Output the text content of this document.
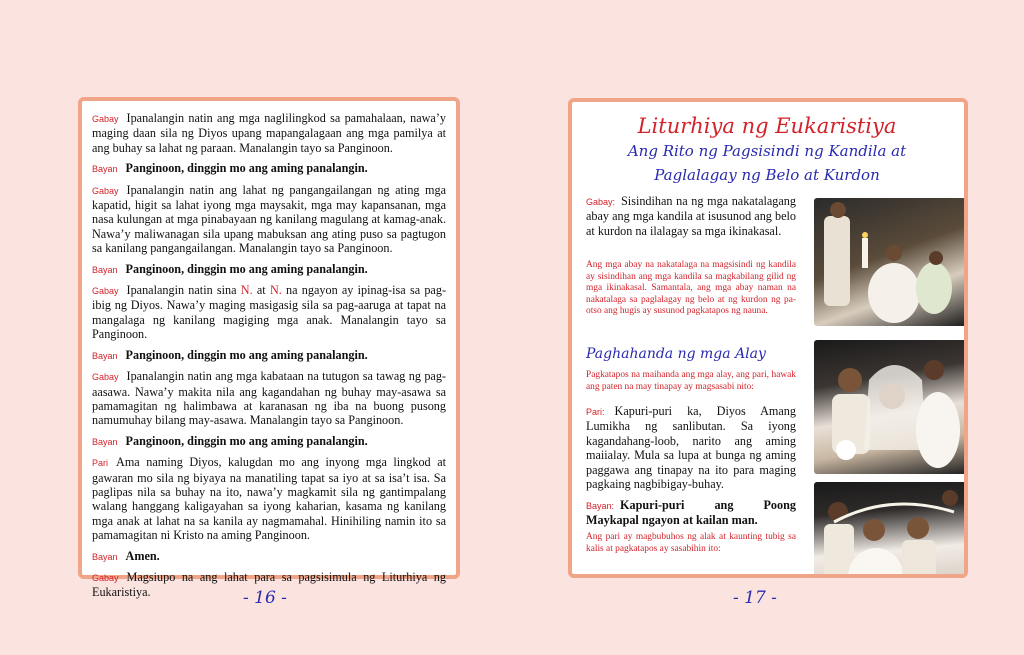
Gabay Ipanalangin natin ang mga naglilingkod sa pamahalaan, nawa’y maging daan sila ng Diyos upang mapangalagaan ang mga pamilya at ang buhay sa lahat ng paraan. Manalangin tayo sa Panginoon.

Bayan Panginoon, dinggin mo ang aming panalangin.

Gabay Ipanalangin natin ang lahat ng pangangailangan ng ating mga kapatid, higit sa lahat iyong mga maysakit, mga may kapansanan, mga nasa kulungan at mga pinabayaan ng kanilang magulang at kamag-anak. Nawa’y maliwanagan sila upang mabuksan ang ating puso sa pagtugon sa kanilang pangangailangan. Manalangin tayo sa Panginoon.

Bayan Panginoon, dinggin mo ang aming panalangin.

Gabay Ipanalangin natin sina N. at N. na ngayon ay ipinag-isa sa pag-ibig ng Diyos. Nawa’y maging masigasig sila sa pag-aaruga at tapat na mangalaga ng kanilang magiging mga anak. Manalangin tayo sa Panginoon.

Bayan Panginoon, dinggin mo ang aming panalangin.

Gabay Ipanalangin natin ang mga kabataan na tutugon sa tawag ng pag-aasawa. Nawa’y makita nila ang kagandahan ng buhay may-asawa sa pamamagitan ng halimbawa at karanasan ng iba na buong pusong namumuhay bilang may-asawa. Manalangin tayo sa Panginoon.

Bayan Panginoon, dinggin mo ang aming panalangin.

Pari Ama naming Diyos, kalugdan mo ang inyong mga lingkod at gawaran mo sila ng biyaya na manatiling tapat sa iyo at sa isa’t isa. Sa paglipas nila sa buhay na ito, nawa’y magkamit sila ng gantimpalang walang hanggang kaligayahan sa iyong kaharian, kasama ng kanilang mga anak at lahat na sa kanila ay nagmamahal. Hinihiling namin ito sa pamamagitan ni Kristo na aming Panginoon.

Bayan Amen.

Gabay Magsiupo na ang lahat para sa pagsisimula ng Liturhiya ng Eukaristiya.	- 16 -
Liturhiya ng Eukaristiya
Ang Rito ng Pagsisindi ng Kandila at
Paglalagay ng Belo at Kurdon
Gabay: Sisindihan na ng mga nakatalagang abay ang mga kandila at isusunod ang belo at kurdon na ilalagay sa mga ikinakasal.
Ang mga abay na nakatalaga na magsisindi ng kandila ay sisindihan ang mga kandila sa magkabilang gilid ng mga ikinakasal. Samantala, ang mga abay naman na nakatalaga sa paglalagay ng belo at ng kurdon ng pa-otso ang hugis ay susunod pagkatapos ng nauna.
Paghahanda ng mga Alay
Pagkatapos na maihanda ang mga alay, ang pari, hawak ang paten na may tinapay ay magsasabi nito:
Pari: Kapuri-puri ka, Diyos Amang Lumikha ng sanlibutan. Sa iyong kagandahang-loob, narito ang aming maiialay. Mula sa lupa at bunga ng aming paggawa ang tinapay na ito para maging pagkaing nagbibigay-buhay.
Bayan: Kapuri-puri ang Poong Maykapal ngayon at kailan man.
Ang pari ay magbubuhos ng alak at kaunting tubig sa kalis at pagkatapos ay sasabihin ito:
- 17 -
